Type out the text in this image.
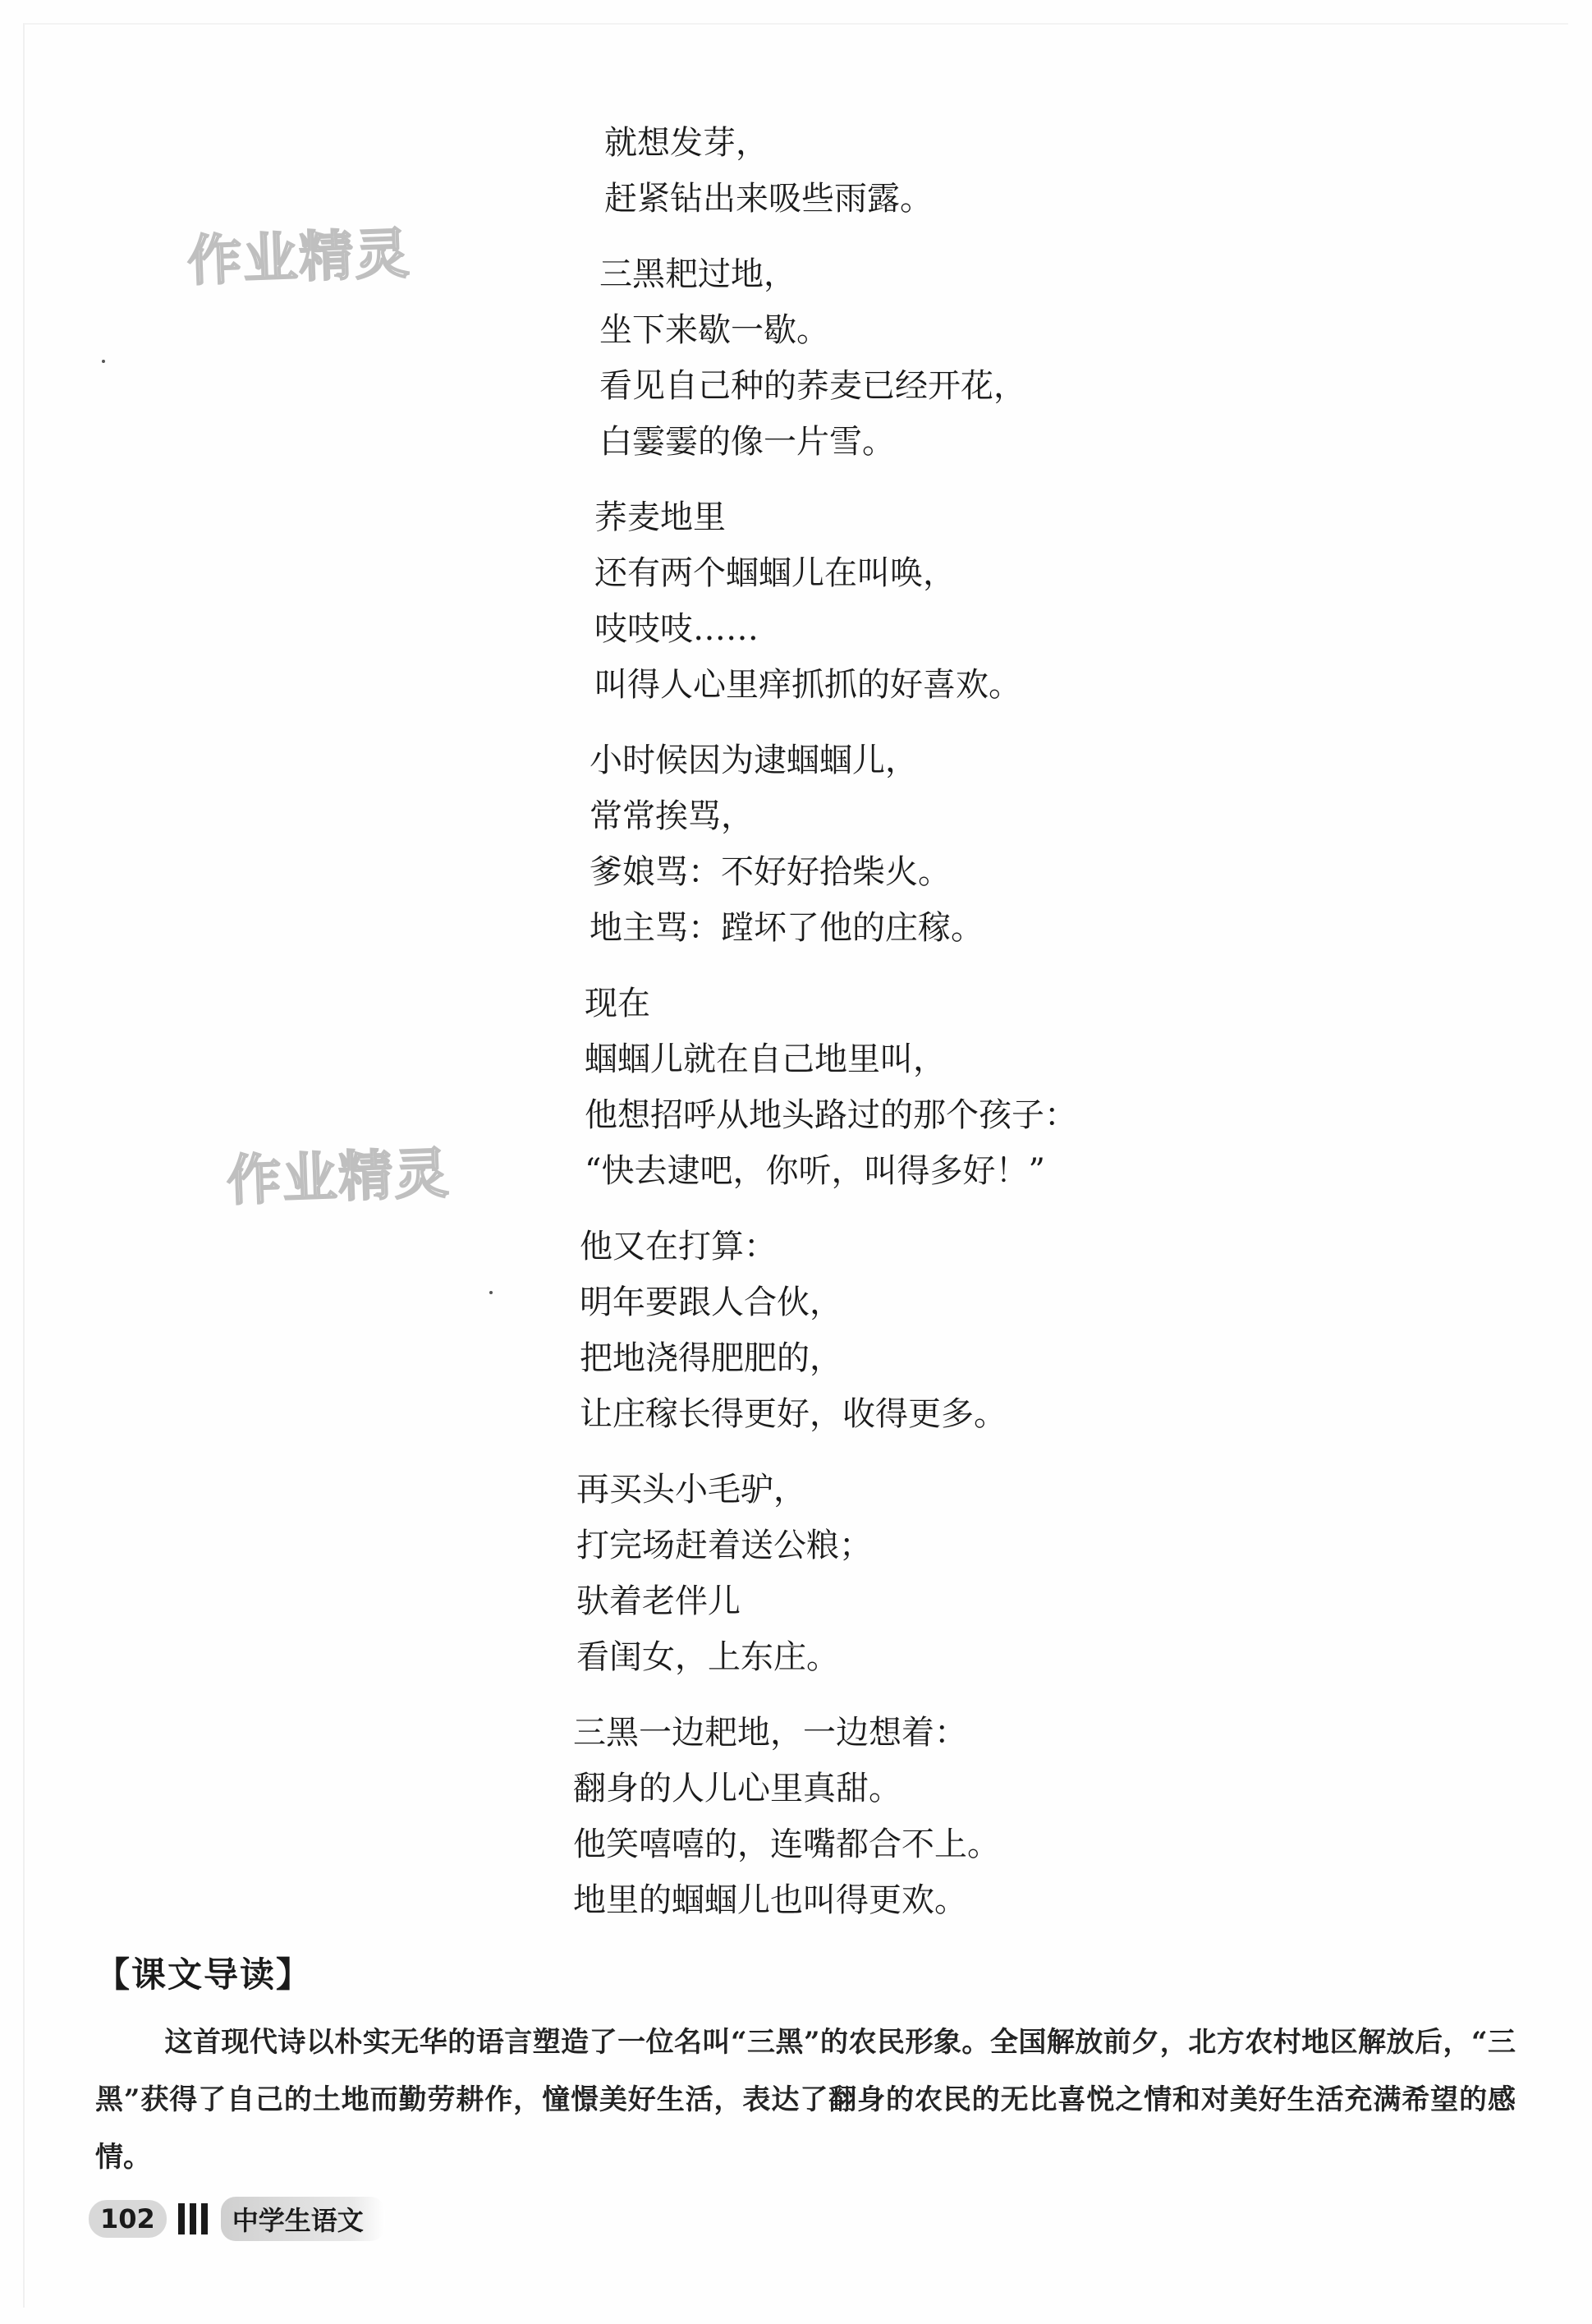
作业精灵
作业精灵
就想发芽，
赶紧钻出来吸些雨露。
三黑耙过地，
坐下来歇一歇。
看见自己种的荞麦已经开花，
白霎霎的像一片雪。
荞麦地里
还有两个蝈蝈儿在叫唤，
吱吱吱……
叫得人心里痒抓抓的好喜欢。
小时候因为逮蝈蝈儿，
常常挨骂，
爹娘骂：不好好拾柴火。
地主骂：蹚坏了他的庄稼。
现在
蝈蝈儿就在自己地里叫，
他想招呼从地头路过的那个孩子：
“快去逮吧，你听，叫得多好！”
他又在打算：
明年要跟人合伙，
把地浇得肥肥的，
让庄稼长得更好，收得更多。
再买头小毛驴，
打完场赶着送公粮；
驮着老伴儿
看闺女，上东庄。
三黑一边耙地，一边想着：
翻身的人儿心里真甜。
他笑嘻嘻的，连嘴都合不上。
地里的蝈蝈儿也叫得更欢。
【课文导读】
这首现代诗以朴实无华的语言塑造了一位名叫“三黑”的农民形象。全国解放前夕，北方农村地区解放后，“三黑”获得了自己的土地而勤劳耕作，憧憬美好生活，表达了翻身的农民的无比喜悦之情和对美好生活充满希望的感情。
102	中学生语文
